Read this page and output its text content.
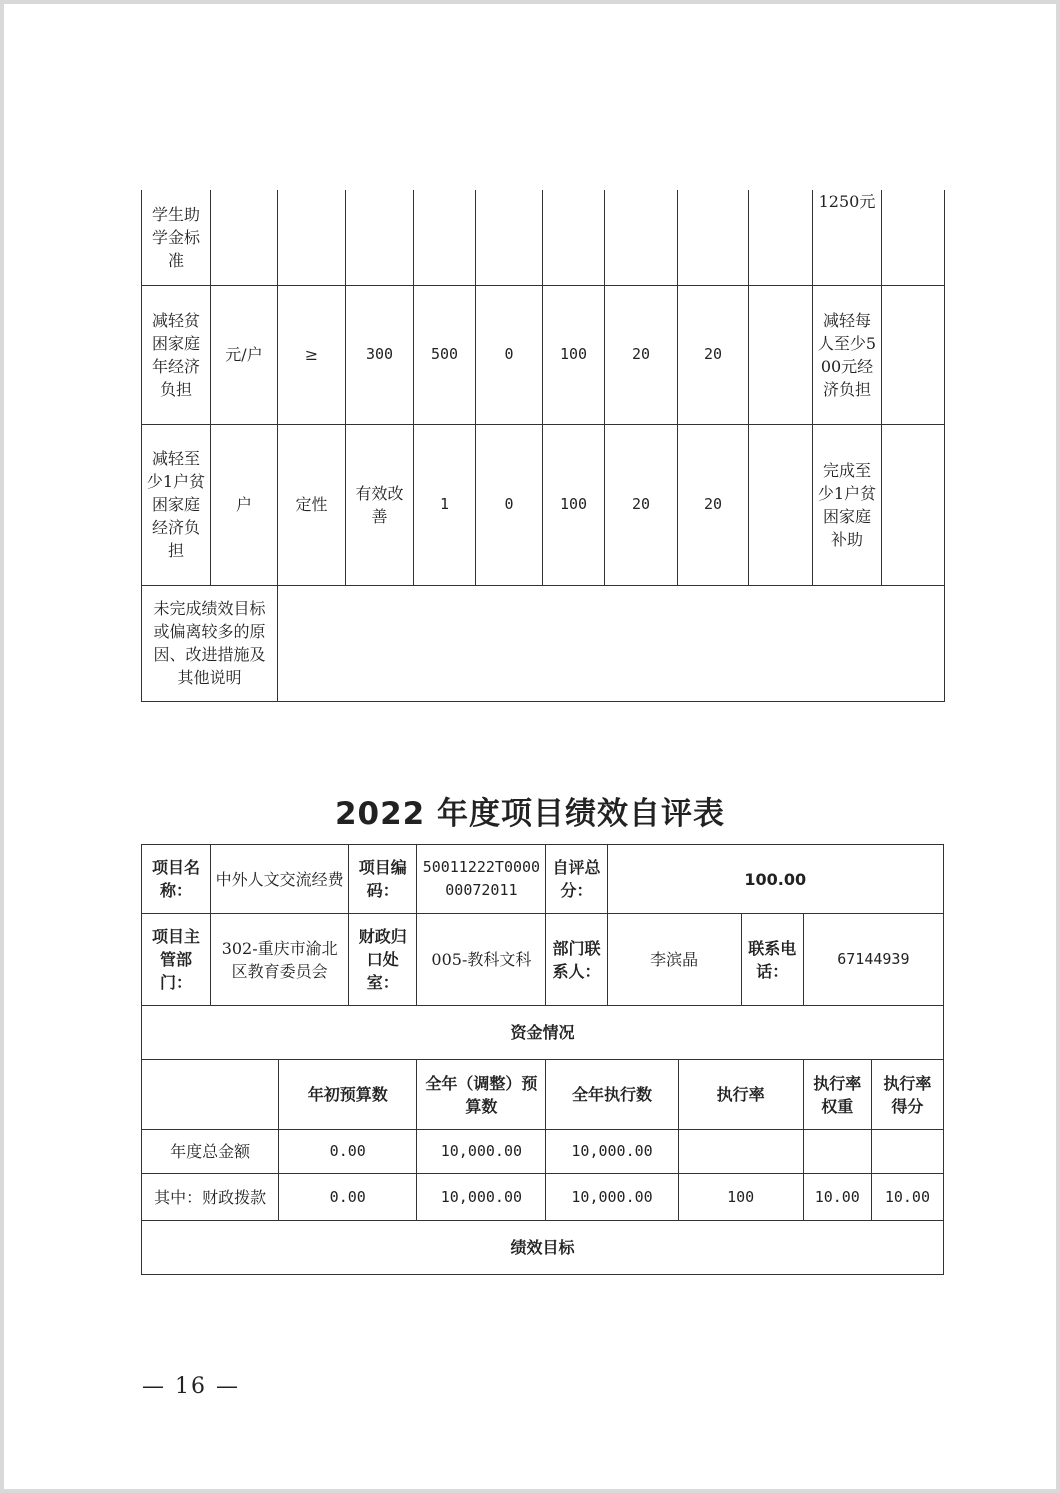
学生助学金标准										1250元	
减轻贫困家庭年经济负担	元/户	≥	300	500	0	100	20	20		减轻每人至少500元经济负担	
减轻至少1户贫困家庭经济负担	户	定性	有效改善	1	0	100	20	20		完成至少1户贫困家庭补助	
未完成绩效目标或偏离较多的原因、改进措施及其他说明											
2022 年度项目绩效自评表
项目名称：	中外人文交流经费		项目编码：	50011222T000000072011	自评总分：	100.00				
项目主管部门：	302-重庆市渝北区教育委员会		财政归口处室：	005-教科文科	部门联系人：	李滨晶		联系电话：	67144939	
资金情况										
		年初预算数		全年（调整）预算数	全年执行数		执行率		执行率权重	执行率得分
年度总金额		0.00		10,000.00	10,000.00					
其中：财政拨款		0.00		10,000.00	10,000.00		100		10.00	10.00
绩效目标										
— 16 —
